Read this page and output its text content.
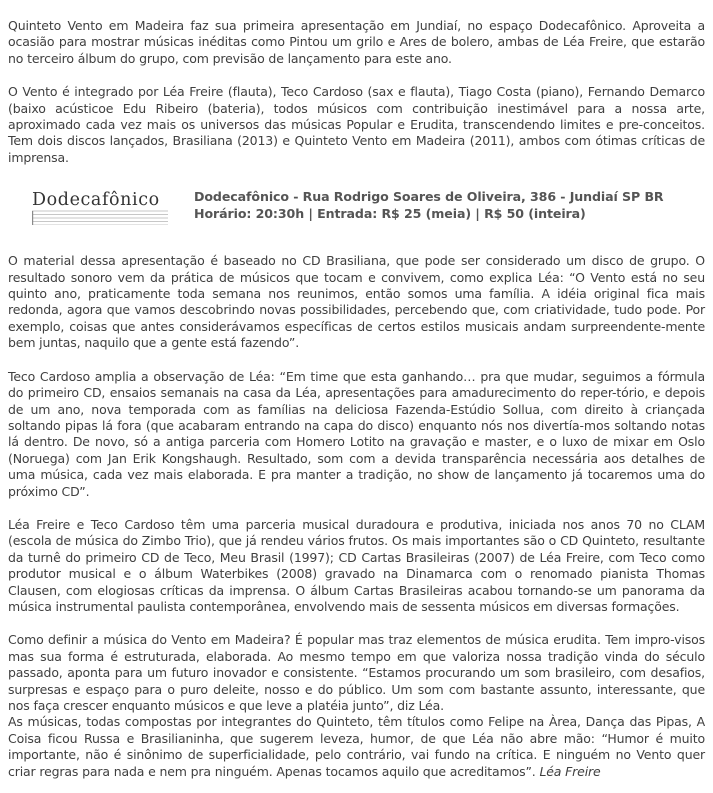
Quinteto Vento em Madeira faz sua primeira apresentação em Jundiaí, no espaço Dodecafônico. Aproveita a ocasião para mostrar músicas inéditas como Pintou um grilo e Ares de bolero, ambas de Léa Freire, que estarão no terceiro álbum do grupo, com previsão de lançamento para este ano.

O Vento é integrado por Léa Freire (flauta), Teco Cardoso (sax e flauta), Tiago Costa (piano), Fernando Demarco (baixo acústicoe Edu Ribeiro (bateria), todos músicos com contribuição inestimável para a nossa arte, aproximado cada vez mais os universos das músicas Popular e Erudita, transcendendo limites e pre-conceitos. Tem dois discos lançados, Brasiliana (2013) e Quinteto Vento em Madeira (2011), ambos com ótimas críticas de imprensa.

Dodecafônico	Dodecafônico - Rua Rodrigo Soares de Oliveira, 386 - Jundiaí SP BR
Horário: 20:30h | Entrada: R$ 25 (meia) | R$ 50 (inteira)

O material dessa apresentação é baseado no CD Brasiliana, que pode ser considerado um disco de grupo. O resultado sonoro vem da prática de músicos que tocam e convivem, como explica Léa: “O Vento está no seu quinto ano, praticamente toda semana nos reunimos, então somos uma família. A idéia original fica mais redonda, agora que vamos descobrindo novas possibilidades, percebendo que, com criatividade, tudo pode. Por exemplo, coisas que antes considerávamos específicas de certos estilos musicais andam surpreendente-mente bem juntas, naquilo que a gente está fazendo”.

Teco Cardoso amplia a observação de Léa: “Em time que esta ganhando… pra que mudar, seguimos a fórmula do primeiro CD, ensaios semanais na casa da Léa, apresentações para amadurecimento do reper-tório, e depois de um ano, nova temporada com as famílias na deliciosa Fazenda-Estúdio Sollua, com direito à criançada soltando pipas lá fora (que acabaram entrando na capa do disco) enquanto nós nos divertía-mos soltando notas lá dentro. De novo, só a antiga parceria com Homero Lotito na gravação e master, e o luxo de mixar em Oslo (Noruega) com Jan Erik Kongshaugh. Resultado, som com a devida transparência necessária aos detalhes de uma música, cada vez mais elaborada. E pra manter a tradição, no show de lançamento já tocaremos uma do próximo CD”.

Léa Freire e Teco Cardoso têm uma parceria musical duradoura e produtiva, iniciada nos anos 70 no CLAM (escola de música do Zimbo Trio), que já rendeu vários frutos. Os mais importantes são o CD Quinteto, resultante da turnê do primeiro CD de Teco, Meu Brasil (1997); CD Cartas Brasileiras (2007) de Léa Freire, com Teco como produtor musical e o álbum Waterbikes (2008) gravado na Dinamarca com o renomado pianista Thomas Clausen, com elogiosas críticas da imprensa. O álbum Cartas Brasileiras acabou tornando-se um panorama da música instrumental paulista contemporânea, envolvendo mais de sessenta músicos em diversas formações.

Como definir a música do Vento em Madeira? É popular mas traz elementos de música erudita. Tem impro-visos mas sua forma é estruturada, elaborada. Ao mesmo tempo em que valoriza nossa tradição vinda do século passado, aponta para um futuro inovador e consistente. “Estamos procurando um som brasileiro, com desafios, surpresas e espaço para o puro deleite, nosso e do público. Um som com bastante assunto, interessante, que nos faça crescer enquanto músicos e que leve a platéia junto”, diz Léa.

As músicas, todas compostas por integrantes do Quinteto, têm títulos como Felipe na Àrea, Dança das Pipas, A Coisa ficou Russa e Brasilianinha, que sugerem leveza, humor, de que Léa não abre mão: “Humor é muito importante, não é sinônimo de superficialidade, pelo contrário, vai fundo na crítica. E ninguém no Vento quer criar regras para nada e nem pra ninguém. Apenas tocamos aquilo que acreditamos”. Léa Freire
